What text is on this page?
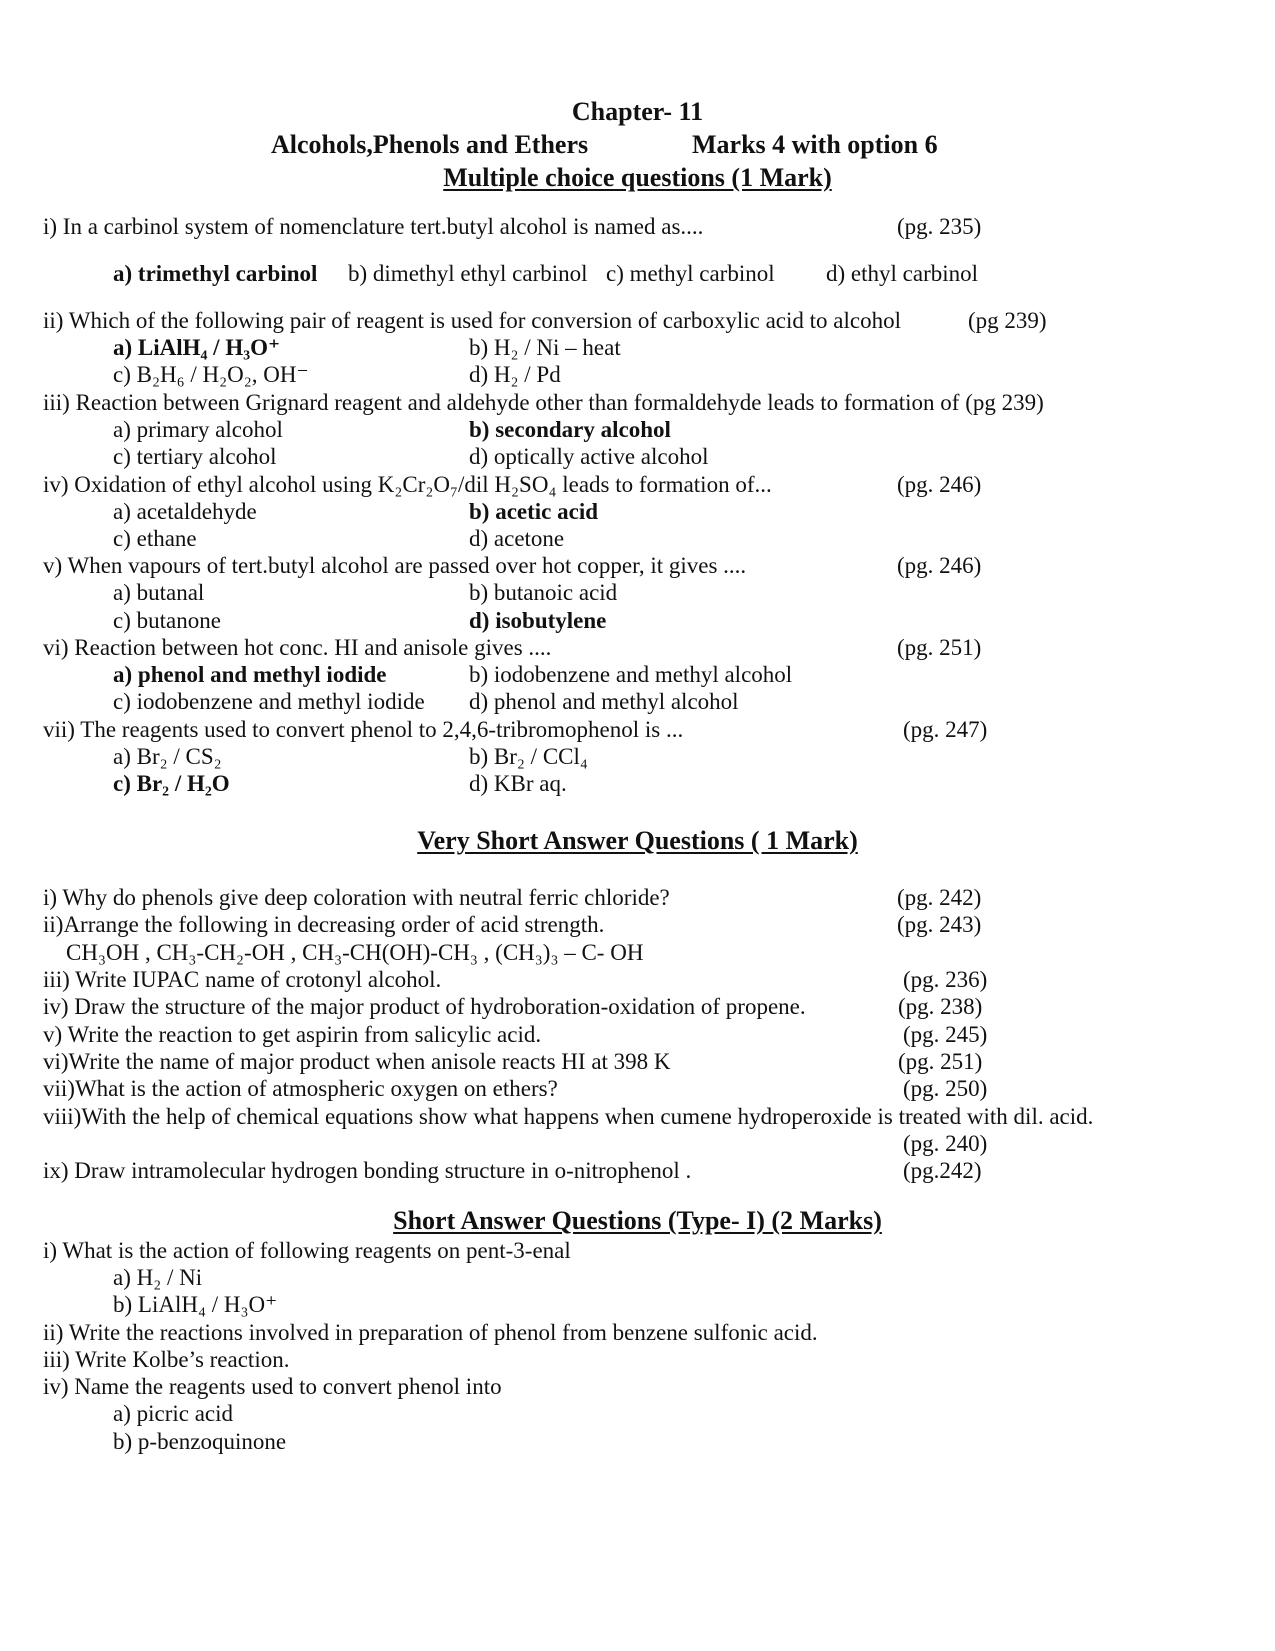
Chapter- 11
Alcohols,Phenols and Ethers	Marks 4 with option 6
Multiple choice questions (1 Mark)
i) In a carbinol system of nomenclature tert.butyl alcohol is named as....	(pg. 235)
a) trimethyl carbinol b) dimethyl ethyl carbinol c) methyl carbinol d) ethyl carbinol
ii) Which of the following pair of reagent is used for conversion of carboxylic acid to alcohol	(pg 239)
a) LiAlH₄ / H₃O⁺	b) H₂ / Ni – heat
c) B₂H₆ / H₂O₂, OH⁻	d) H₂ / Pd
iii) Reaction between Grignard reagent and aldehyde other than formaldehyde leads to formation of (pg 239)
a) primary alcohol	b) secondary alcohol
c) tertiary alcohol	d) optically active alcohol
iv) Oxidation of ethyl alcohol using K₂Cr₂O₇/dil H₂SO₄ leads to formation of...	(pg. 246)
a) acetaldehyde	b) acetic acid
c) ethane	d) acetone
v) When vapours of tert.butyl alcohol are passed over hot copper, it gives ....	(pg. 246)
a) butanal	b) butanoic acid
c) butanone	d) isobutylene
vi) Reaction between hot conc. HI and anisole gives ....	(pg. 251)
a) phenol and methyl iodide	b) iodobenzene and methyl alcohol
c) iodobenzene and methyl iodide d) phenol and methyl alcohol
vii) The reagents used to convert phenol to 2,4,6-tribromophenol is ...	(pg. 247)
a) Br₂ / CS₂	b) Br₂ / CCl₄
c) Br₂ / H₂O	d) KBr aq.
Very Short Answer Questions ( 1 Mark)
i) Why do phenols give deep coloration with neutral ferric chloride?	(pg. 242)
ii)Arrange the following in decreasing order of acid strength.	(pg. 243)
CH₃OH , CH₃-CH₂-OH , CH₃-CH(OH)-CH₃ , (CH₃)₃ – C- OH
iii) Write IUPAC name of crotonyl alcohol.	(pg. 236)
iv) Draw the structure of the major product of hydroboration-oxidation of propene.	(pg. 238)
v) Write the reaction to get aspirin from salicylic acid.	(pg. 245)
vi)Write the name of major product when anisole reacts HI at 398 K	(pg. 251)
vii)What is the action of atmospheric oxygen on ethers?	(pg. 250)
viii)With the help of chemical equations show what happens when cumene hydroperoxide is treated with dil. acid.
(pg. 240)
ix) Draw intramolecular hydrogen bonding structure in o-nitrophenol .	(pg.242)
Short Answer Questions (Type- I) (2 Marks)
i) What is the action of following reagents on pent-3-enal
a) H₂ / Ni
b) LiAlH₄ / H₃O⁺
ii) Write the reactions involved in preparation of phenol from benzene sulfonic acid.
iii) Write Kolbe’s reaction.
iv) Name the reagents used to convert phenol into
a) picric acid
b) p-benzoquinone
